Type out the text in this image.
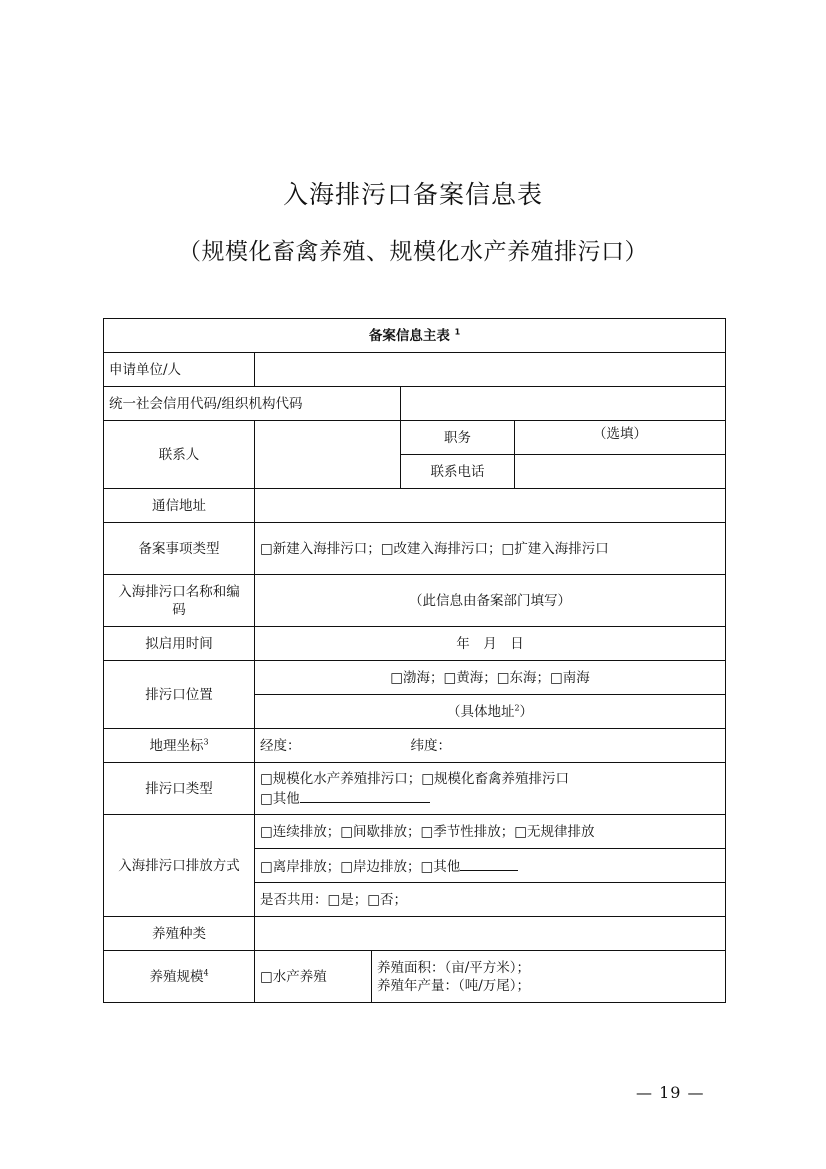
入海排污口备案信息表
（规模化畜禽养殖、规模化水产养殖排污口）
备案信息主表 $^1$
申请单位/人				
统一社会信用代码/组织机构代码				
联系人			职务	（选填）
			联系电话	
通信地址				
备案事项类型	□新建入海排污口；□改建入海排污口；□扩建入海排污口			
入海排污口名称和编码	（此信息由备案部门填写）			
拟启用时间	年　月　日			
排污口位置	□渤海；□黄海；□东海；□南海			
	（具体地址$^2$）			
地理坐标$^3$	经度： 纬度：			
排污口类型	□规模化水产养殖排污口；□规模化畜禽养殖排污口
□其他			

入海排污口排放方式	□连续排放；□间歇排放；□季节性排放；□无规律排放			
	□离岸排放；□岸边排放；□其他			
	是否共用：□是；□否；			
养殖种类				
养殖规模$^4$	□水产养殖	养殖面积：（亩/平方米）；
养殖年产量：（吨/万尾）；		
— 19 —
